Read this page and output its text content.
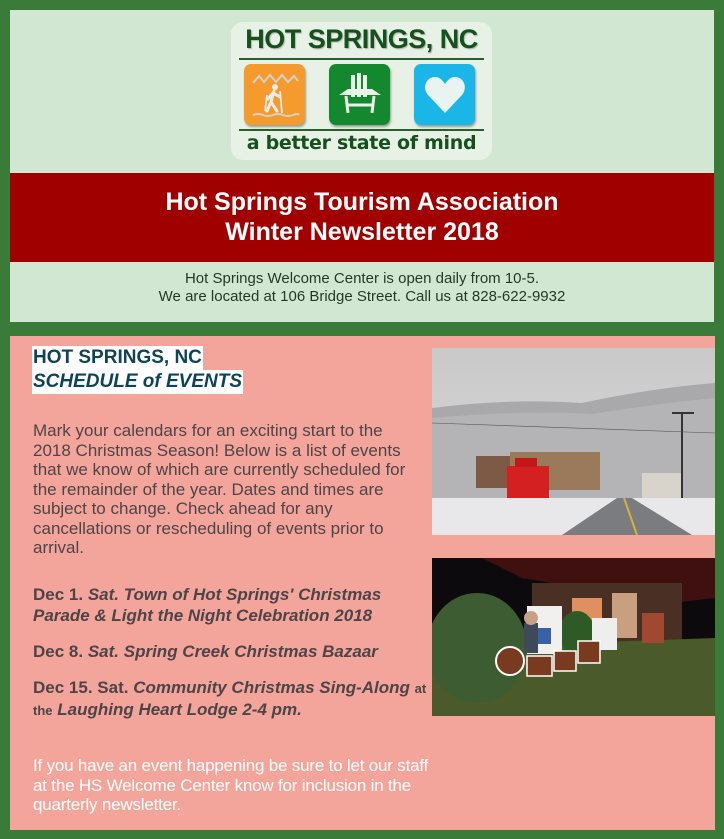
HOT SPRINGS, NC
a better state of mind
Hot Springs Tourism Association
Winter Newsletter 2018
Hot Springs Welcome Center is open daily from 10-5.
We are located at 106 Bridge Street. Call us at 828-622-9932
HOT SPRINGS, NC
SCHEDULE of EVENTS
Mark your calendars for an exciting start to the 2018 Christmas Season! Below is a list of events that we know of which are currently scheduled for the remainder of the year. Dates and times are subject to change. Check ahead for any cancellations or rescheduling of events prior to arrival.
Dec 1. Sat. Town of Hot Springs' Christmas Parade & Light the Night Celebration 2018
Dec 8. Sat. Spring Creek Christmas Bazaar
Dec 15. Sat. Community Christmas Sing-Along at the Laughing Heart Lodge 2-4 pm.
If you have an event happening be sure to let our staff at the HS Welcome Center know for inclusion in the quarterly newsletter.
